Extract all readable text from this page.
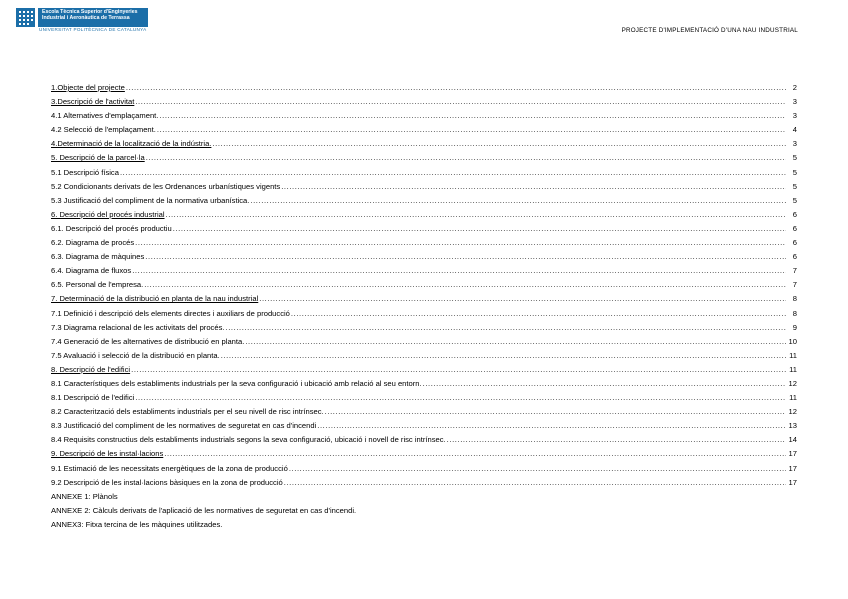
Escola Tècnica Superior d'Enginyeries
Industrial i Aeronàutica de Terrassa
UNIVERSITAT POLITÈCNICA DE CATALUNYA	PROJECTE D'IMPLEMENTACIÓ D'UNA NAU INDUSTRIAL
1.Objecte del projecte .....	2
3.Descripció de l'activitat .....	3
4.1 Alternatives d'emplaçament. .....	3
4.2 Selecció de l'emplaçament. .....	4
4.Determinació de la localització de la indústria. .....	3
5. Descripció de la parcel·la .....	5
5.1 Descripció física .....	5
5.2 Condicionants derivats de les Ordenances urbanístiques vigents .....	5
5.3 Justificació del compliment de la normativa urbanística. .....	5
6. Descripció del procés industrial .....	6
6.1. Descripció del procés productiu .....	6
6.2. Diagrama de procés .....	6
6.3. Diagrama de màquines .....	6
6.4. Diagrama de fluxos .....	7
6.5. Personal de l'empresa. .....	7
7. Determinació de la distribució en planta de la nau industrial .....	8
7.1 Definició i descripció dels elements directes i auxiliars de producció .....	8
7.3 Diagrama relacional de les activitats del procés. .....	9
7.4 Generació de les alternatives de distribució en planta. .....	10
7.5 Avaluació i selecció de la distribució en planta. .....	11
8. Descripció de l'edifici .....	11
8.1 Característiques dels establiments industrials per la seva configuració i ubicació amb relació al seu entorn. .....	12
8.1 Descripció de l'edifici .....	11
8.2 Caracterització dels establiments industrials per el seu nivell de risc intrínsec. .....	12
8.3 Justificació del compliment de les normatives de seguretat en cas d'incendi .....	13
8.4 Requisits constructius dels establiments industrials segons la seva configuració, ubicació i novell de risc intrínsec. .....	14
9. Descripció de les instal·lacions .....	17
9.1 Estimació de les necessitats energètiques de la zona de producció .....	17
9.2 Descripció de les instal·lacions bàsiques en la zona de producció .....	17
ANNEXE 1: Plànols
ANNEXE 2: Càlculs derivats de l'aplicació de les normatives de seguretat en cas d'incendi.
ANNEX3: Fitxa tercina de les màquines utilitzades.
